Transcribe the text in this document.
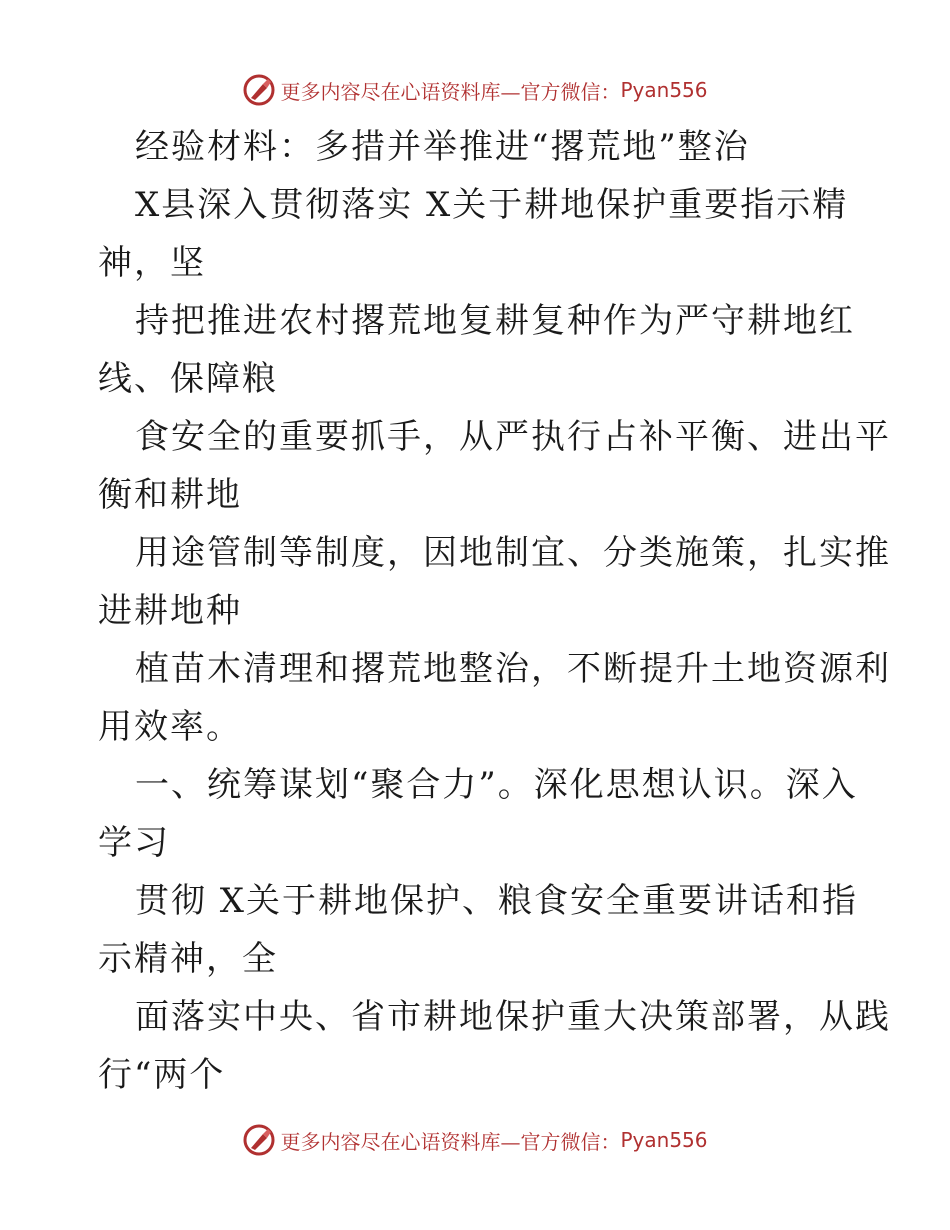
更多内容尽在心语资料库—官方微信： Pyan556
经验材料：多措并举推进“撂荒地”整治
X县深入贯彻落实 X关于耕地保护重要指示精
神，坚
持把推进农村撂荒地复耕复种作为严守耕地红
线、保障粮
食安全的重要抓手，从严执行占补平衡、进出平
衡和耕地
用途管制等制度，因地制宜、分类施策，扎实推
进耕地种
植苗木清理和撂荒地整治，不断提升土地资源利
用效率。
一、统筹谋划“聚合力”。深化思想认识。深入
学习
贯彻 X关于耕地保护、粮食安全重要讲话和指
示精神，全
面落实中央、省市耕地保护重大决策部署，从践
行“两个
更多内容尽在心语资料库—官方微信： Pyan556
